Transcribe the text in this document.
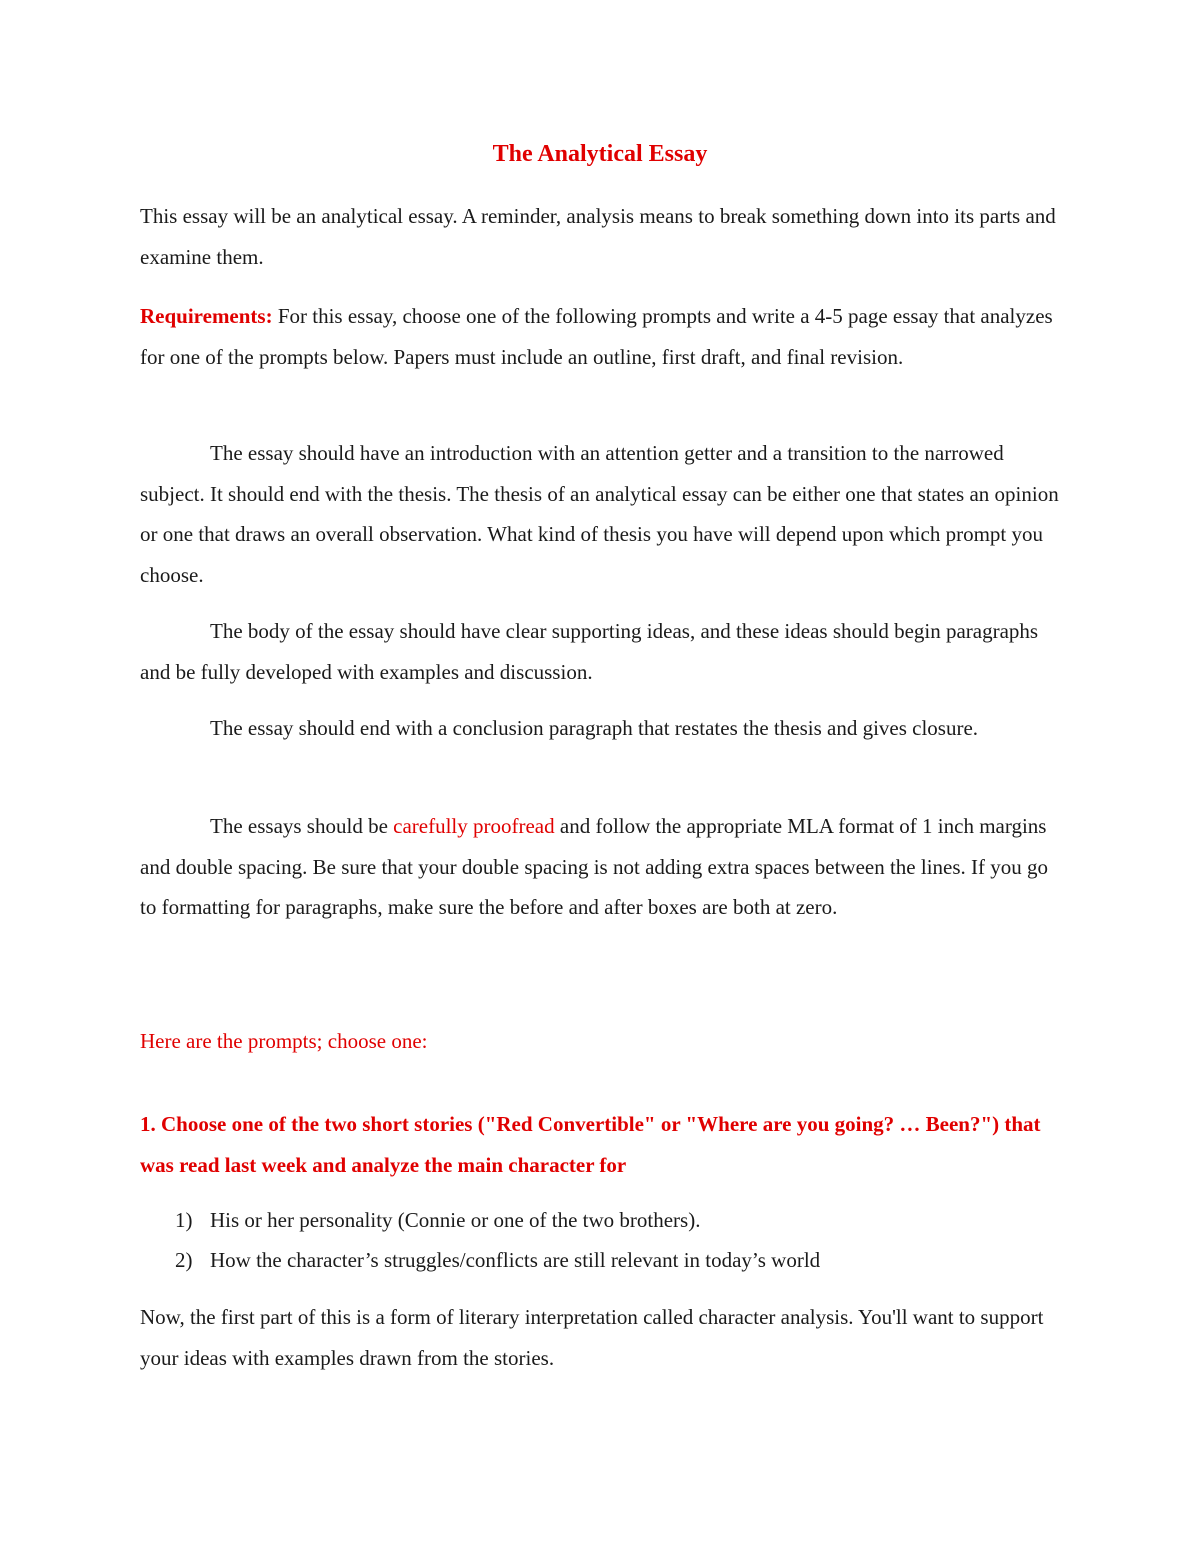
The Analytical Essay

This essay will be an analytical essay. A reminder, analysis means to break something down into its parts and examine them.

Requirements: For this essay, choose one of the following prompts and write a 4-5 page essay that analyzes for one of the prompts below. Papers must include an outline, first draft, and final revision.

The essay should have an introduction with an attention getter and a transition to the narrowed subject. It should end with the thesis. The thesis of an analytical essay can be either one that states an opinion or one that draws an overall observation. What kind of thesis you have will depend upon which prompt you choose.

The body of the essay should have clear supporting ideas, and these ideas should begin paragraphs and be fully developed with examples and discussion.

The essay should end with a conclusion paragraph that restates the thesis and gives closure.

The essays should be carefully proofread and follow the appropriate MLA format of 1 inch margins and double spacing. Be sure that your double spacing is not adding extra spaces between the lines. If you go to formatting for paragraphs, make sure the before and after boxes are both at zero.

Here are the prompts; choose one:

1. Choose one of the two short stories ("Red Convertible" or "Where are you going? … Been?") that was read last week and analyze the main character for

1) His or her personality (Connie or one of the two brothers).
2) How the character’s struggles/conflicts are still relevant in today’s world

Now, the first part of this is a form of literary interpretation called character analysis. You'll want to support your ideas with examples drawn from the stories.
